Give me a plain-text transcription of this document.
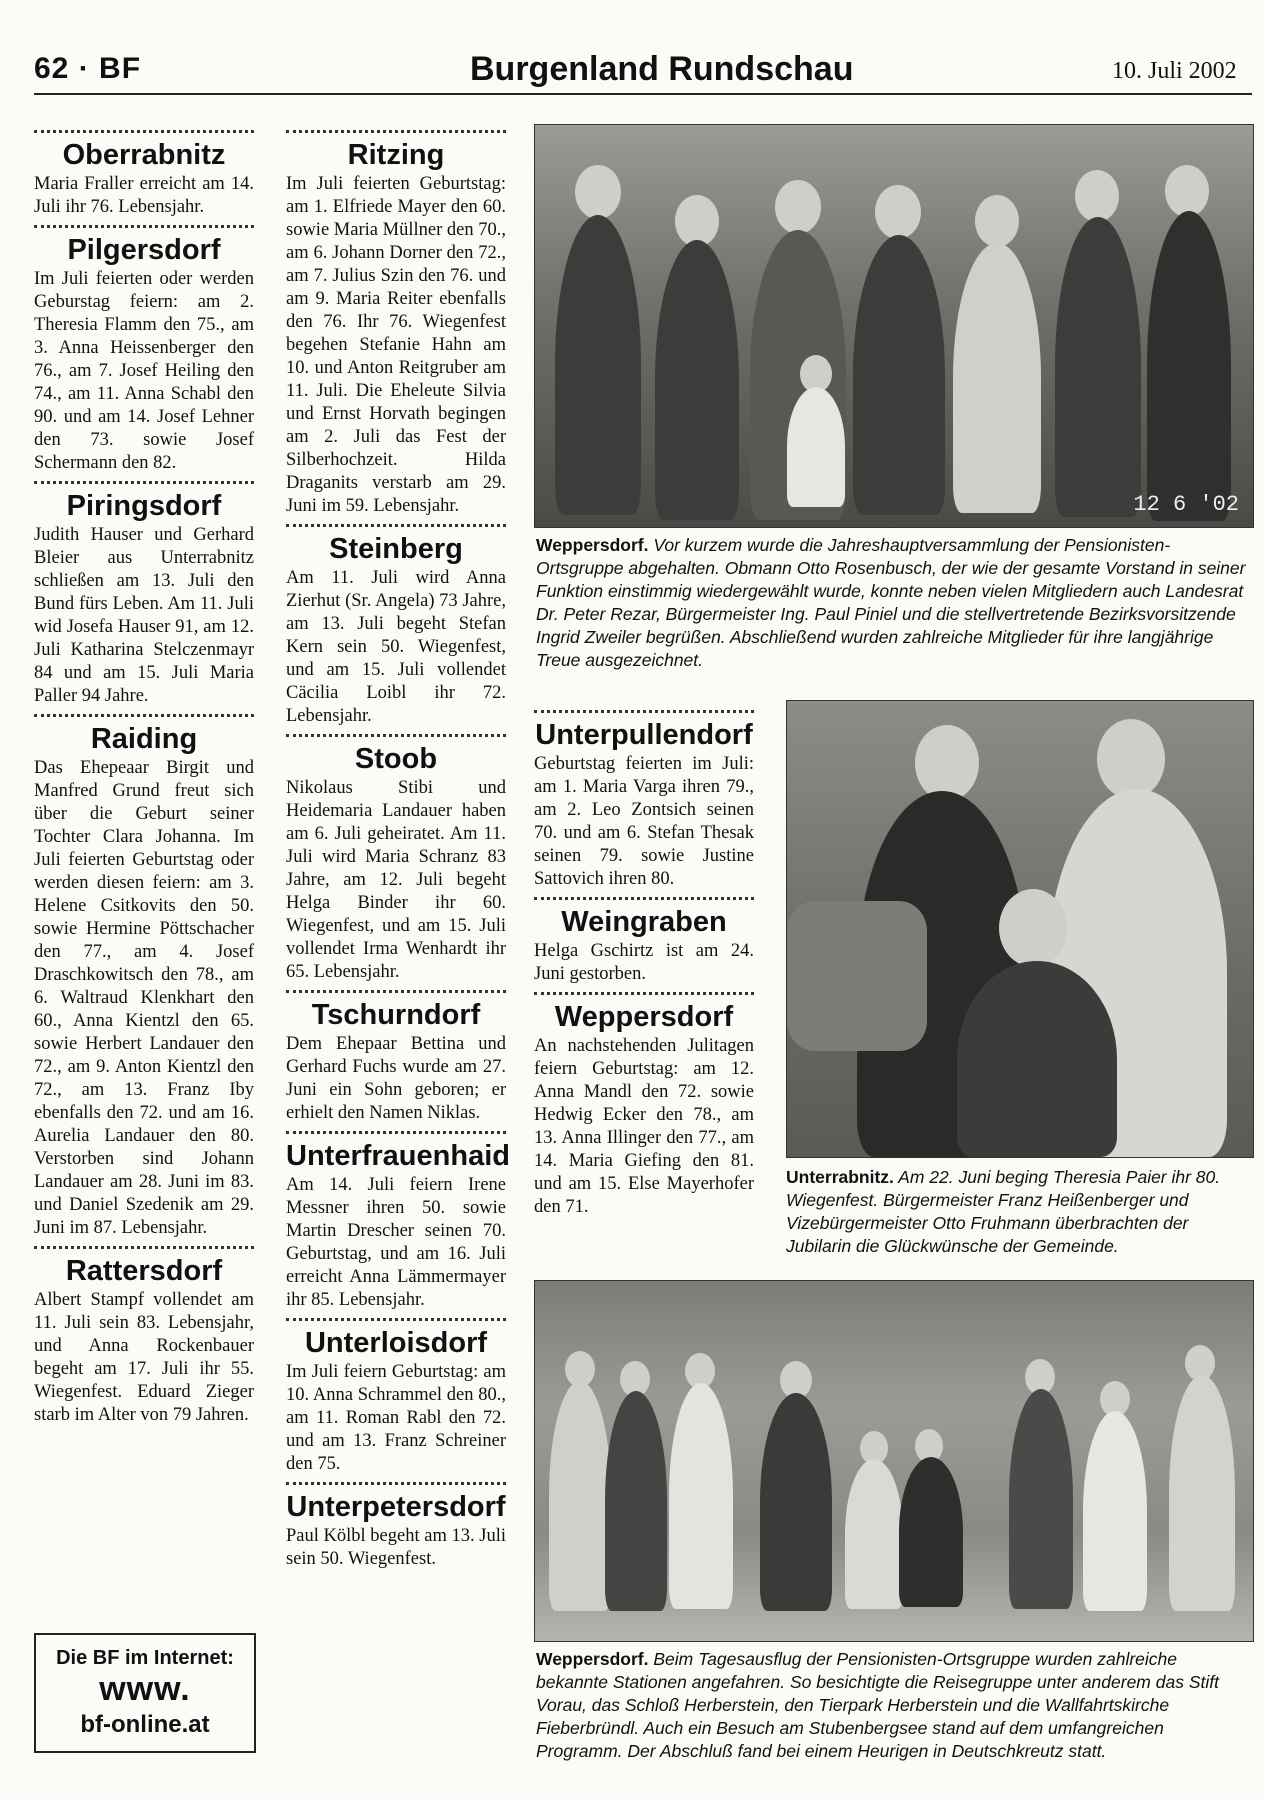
62 · BF	Burgenland Rundschau	10. Juli 2002
Oberrabnitz

Maria Fraller erreicht am 14. Juli ihr 76. Lebensjahr.

Pilgersdorf

Im Juli feierten oder werden Geburstag feiern: am 2. Theresia Flamm den 75., am 3. Anna Heissenberger den 76., am 7. Josef Heiling den 74., am 11. Anna Schabl den 90. und am 14. Josef Lehner den 73. sowie Josef Schermann den 82.

Piringsdorf

Judith Hauser und Gerhard Bleier aus Unterrabnitz schließen am 13. Juli den Bund fürs Leben. Am 11. Juli wid Josefa Hauser 91, am 12. Juli Katharina Stelczenmayr 84 und am 15. Juli Maria Paller 94 Jahre.

Raiding

Das Ehepeaar Birgit und Manfred Grund freut sich über die Geburt seiner Tochter Clara Johanna. Im Juli feierten Geburtstag oder werden diesen feiern: am 3. Helene Csitkovits den 50. sowie Hermine Pöttschacher den 77., am 4. Josef Draschkowitsch den 78., am 6. Waltraud Klenkhart den 60., Anna Kientzl den 65. sowie Herbert Landauer den 72., am 9. Anton Kientzl den 72., am 13. Franz Iby ebenfalls den 72. und am 16. Aurelia Landauer den 80. Verstorben sind Johann Landauer am 28. Juni im 83. und Daniel Szedenik am 29. Juni im 87. Lebensjahr.

Rattersdorf

Albert Stampf vollendet am 11. Juli sein 83. Lebensjahr, und Anna Rockenbauer begeht am 17. Juli ihr 55. Wiegenfest. Eduard Zieger starb im Alter von 79 Jahren.

Ritzing

Im Juli feierten Geburtstag: am 1. Elfriede Mayer den 60. sowie Maria Müllner den 70., am 6. Johann Dorner den 72., am 7. Julius Szin den 76. und am 9. Maria Reiter ebenfalls den 76. Ihr 76. Wiegenfest begehen Stefanie Hahn am 10. und Anton Reitgruber am 11. Juli. Die Eheleute Silvia und Ernst Horvath begingen am 2. Juli das Fest der Silberhochzeit. Hilda Draganits verstarb am 29. Juni im 59. Lebensjahr.

Steinberg

Am 11. Juli wird Anna Zierhut (Sr. Angela) 73 Jahre, am 13. Juli begeht Stefan Kern sein 50. Wiegenfest, und am 15. Juli vollendet Cäcilia Loibl ihr 72. Lebensjahr.

Stoob

Nikolaus Stibi und Heidemaria Landauer haben am 6. Juli geheiratet. Am 11. Juli wird Maria Schranz 83 Jahre, am 12. Juli begeht Helga Binder ihr 60. Wiegenfest, und am 15. Juli vollendet Irma Wenhardt ihr 65. Lebensjahr.

Tschurndorf

Dem Ehepaar Bettina und Gerhard Fuchs wurde am 27. Juni ein Sohn geboren; er erhielt den Namen Niklas.

Unterfrauenhaid

Am 14. Juli feiern Irene Messner ihren 50. sowie Martin Drescher seinen 70. Geburtstag, und am 16. Juli erreicht Anna Lämmermayer ihr 85. Lebensjahr.

Unterloisdorf

Im Juli feiern Geburtstag: am 10. Anna Schrammel den 80., am 11. Roman Rabl den 72. und am 13. Franz Schreiner den 75.

Unterpetersdorf

Paul Kölbl begeht am 13. Juli sein 50. Wiegenfest.

Unterpullendorf

Geburtstag feierten im Juli: am 1. Maria Varga ihren 79., am 2. Leo Zontsich seinen 70. und am 6. Stefan Thesak seinen 79. sowie Justine Sattovich ihren 80.

Weingraben

Helga Gschirtz ist am 24. Juni gestorben.

Weppersdorf

An nachstehenden Julitagen feiern Geburtstag: am 12. Anna Mandl den 72. sowie Hedwig Ecker den 78., am 13. Anna Illinger den 77., am 14. Maria Giefing den 81. und am 15. Else Mayerhofer den 71.

12 6 '02

Weppersdorf. Vor kurzem wurde die Jahreshauptversammlung der Pensionisten-Ortsgruppe abgehalten. Obmann Otto Rosenbusch, der wie der gesamte Vorstand in seiner Funktion einstimmig wiedergewählt wurde, konnte neben vielen Mitgliedern auch Landesrat Dr. Peter Rezar, Bürgermeister Ing. Paul Piniel und die stellvertretende Bezirksvorsitzende Ingrid Zweiler begrüßen. Abschließend wurden zahlreiche Mitglieder für ihre langjährige Treue ausgezeichnet.

Unterrabnitz. Am 22. Juni beging Theresia Paier ihr 80. Wiegenfest. Bürgermeister Franz Heißenberger und Vizebürgermeister Otto Fruhmann überbrachten der Jubilarin die Glückwünsche der Gemeinde.

Weppersdorf. Beim Tagesausflug der Pensionisten-Ortsgruppe wurden zahlreiche bekannte Stationen angefahren. So besichtigte die Reisegruppe unter anderem das Stift Vorau, das Schloß Herberstein, den Tierpark Herberstein und die Wallfahrtskirche Fieberbründl. Auch ein Besuch am Stubenbergsee stand auf dem umfangreichen Programm. Der Abschluß fand bei einem Heurigen in Deutschkreutz statt.

Die BF im Internet:
www.
bf-online.at
